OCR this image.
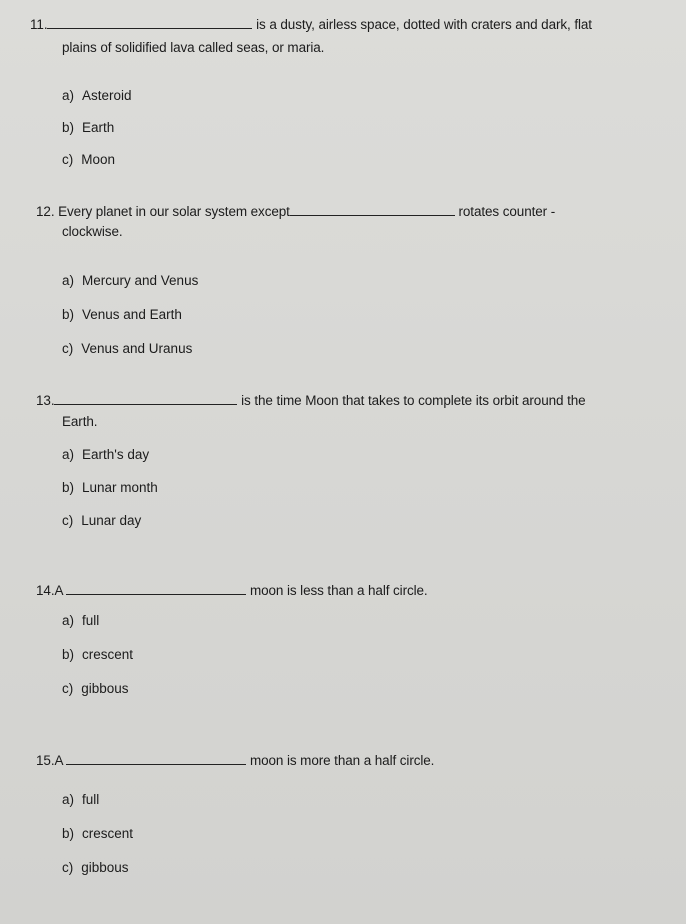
11.	is a dusty, airless space, dotted with craters and dark, flat
plains of solidified lava called seas, or maria.
a) Asteroid
b) Earth
c) Moon
12. Every planet in our solar system except	rotates counter -
clockwise.
a) Mercury and Venus
b) Venus and Earth
c) Venus and Uranus
13.	is the time Moon that takes to complete its orbit around the
Earth.
a) Earth's day
b) Lunar month
c) Lunar day
14.A	moon is less than a half circle.
a) full
b) crescent
c) gibbous
15.A	moon is more than a half circle.
a) full
b) crescent
c) gibbous
